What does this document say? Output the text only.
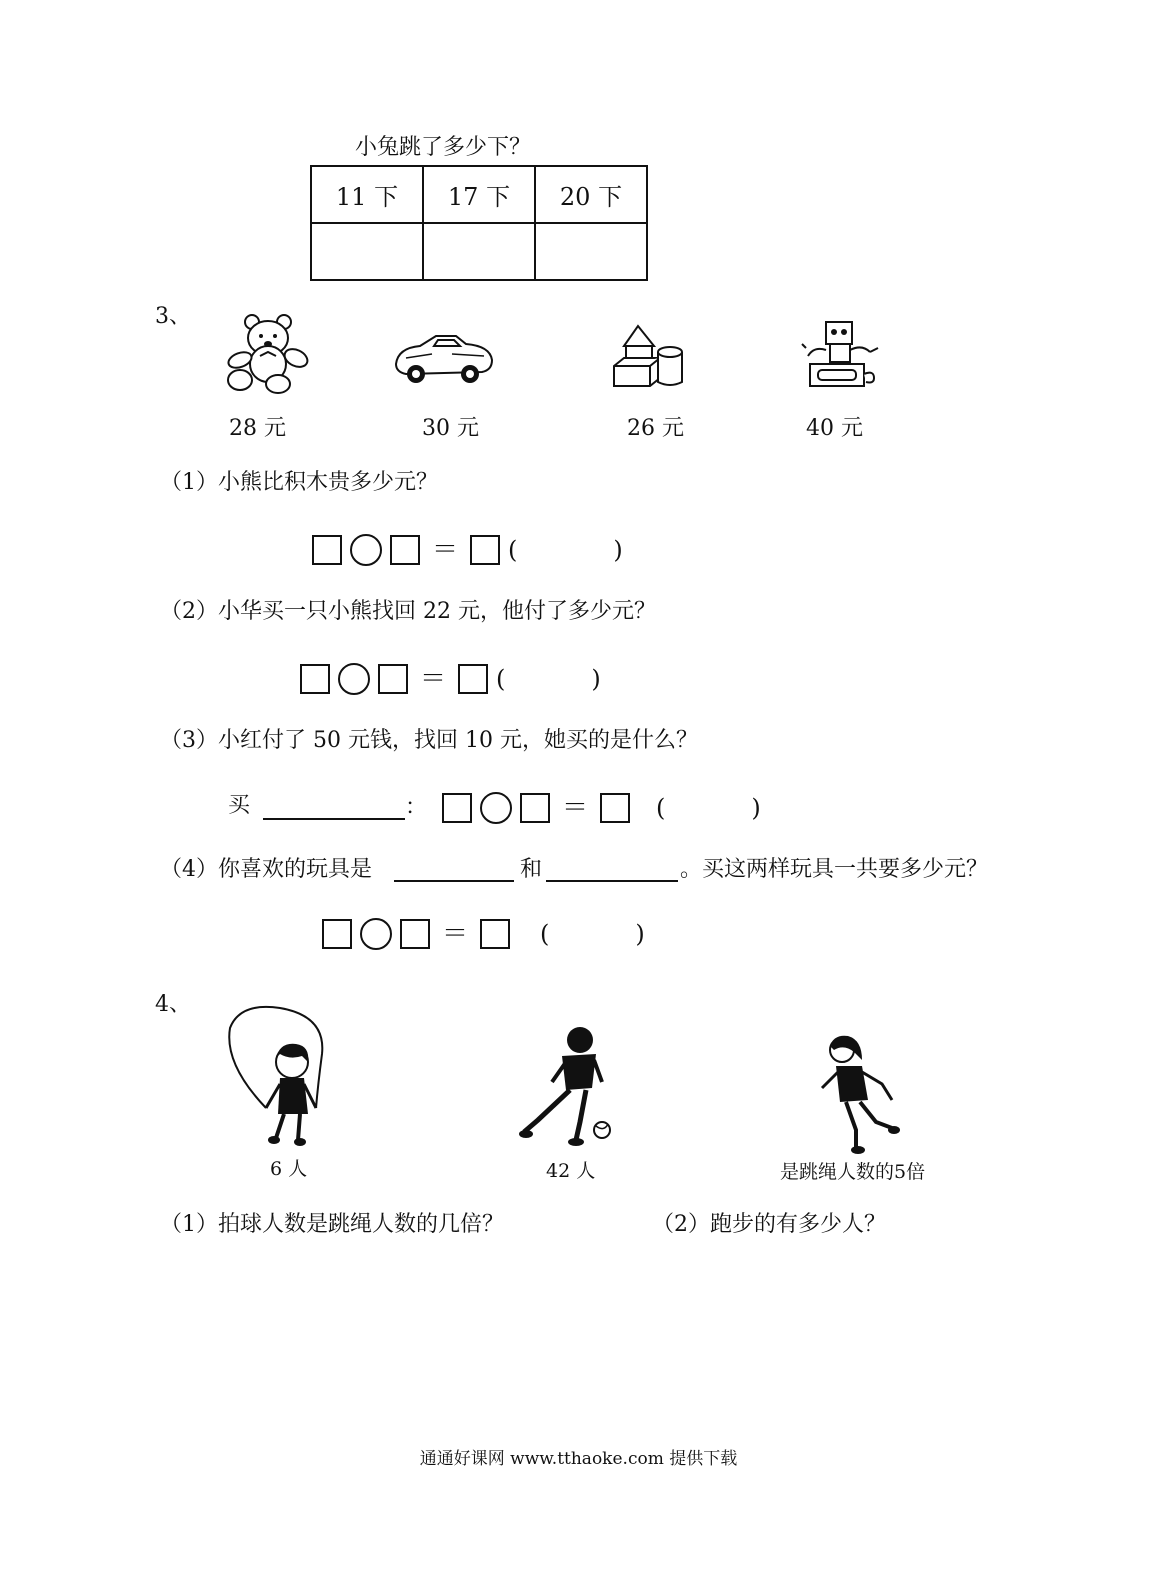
小兔跳了多少下？
11 下	17 下	20 下

3、
28 元	30 元	26 元	40 元
（1）小熊比积木贵多少元？
＝ (	)
（2）小华买一只小熊找回 22 元，他付了多少元？
＝ (	)
（3）小红付了 50 元钱，找回 10 元，她买的是什么？
买	：	＝	(	)
（4）你喜欢的玩具是	和	。买这两样玩具一共要多少元？
＝	(	)
4、
6 人	42 人	是跳绳人数的5倍
（1）拍球人数是跳绳人数的几倍？	（2）跑步的有多少人？
通通好课网 www.tthaoke.com 提供下载
